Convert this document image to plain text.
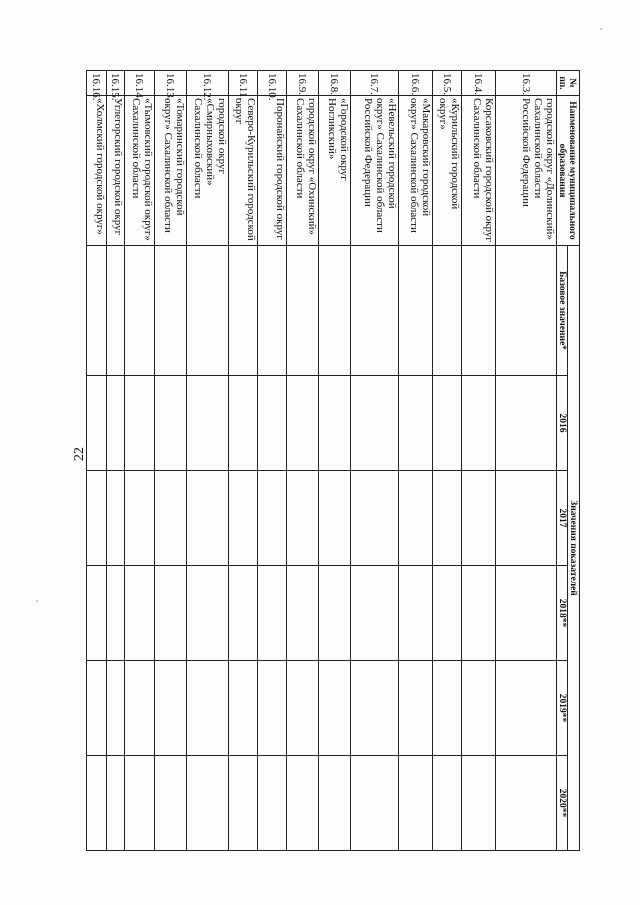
22
№ пп.	Наименование муниципального образования	Значения показателей					
		Базовое значение*	2016	2017	2018**	2019**	2020**
16.3.	городской округ «Долинский» Сахалинской области Российской Федерации						
16.4.	Корсаковский городской округ Сахалинской области						
16.5.	«Курильский городской округ»						
16.6.	«Макаровский городской округ» Сахалинской области						
16.7.	«Невельский городской округ» Сахалинской области Российской Федерации						
16.8.	«Городской округ Ногликский»						
16.9.	городской округ «Охинский» Сахалинской области						
16.10.	Поронайский городской округ						
16.11.	Северо-Курильский городской округ						
16.12.	городской округ «Смирныховский» Сахалинской области						
16.13.	«Томаринский городской округ» Сахалинской области						
16.14.	«Тымовский городской округ» Сахалинской области						
16.15.	Углегорский городской округ						
16.16.	«Холмский городской округ»						
